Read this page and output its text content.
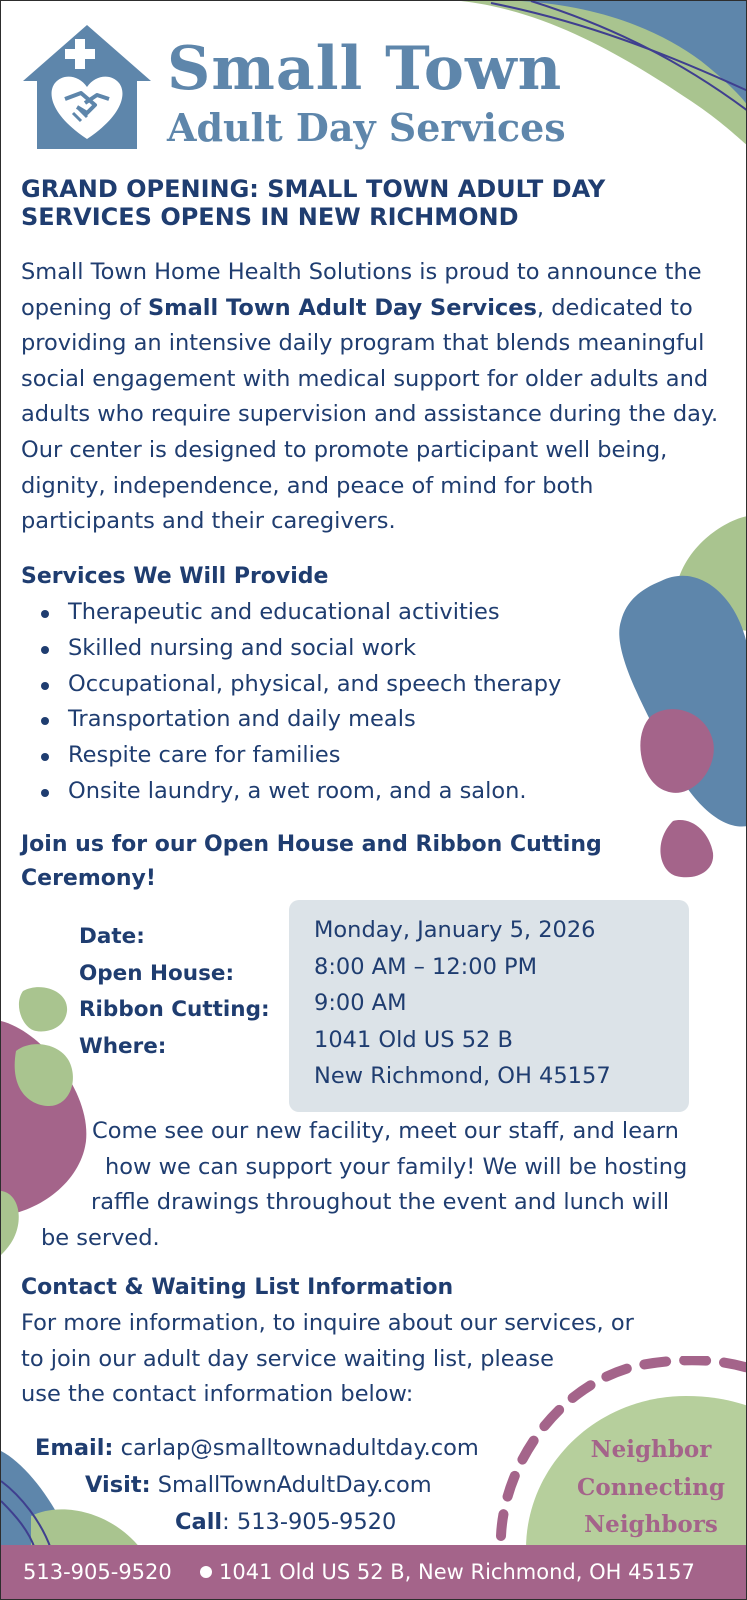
Small Town
Adult Day Services
GRAND OPENING: SMALL TOWN ADULT DAY SERVICES OPENS IN NEW RICHMOND
Small Town Home Health Solutions is proud to announce the opening of Small Town Adult Day Services, dedicated to providing an intensive daily program that blends meaningful social engagement with medical support for older adults and adults who require supervision and assistance during the day. Our center is designed to promote participant well being, dignity, independence, and peace of mind for both participants and their caregivers.
Services We Will Provide
Therapeutic and educational activities
Skilled nursing and social work
Occupational, physical, and speech therapy
Transportation and daily meals
Respite care for families
Onsite laundry, a wet room, and a salon.
Join us for our Open House and Ribbon Cutting
Ceremony!
Date:
Open House:
Ribbon Cutting:
Where:
Monday, January 5, 2026
8:00 AM – 12:00 PM
9:00 AM
1041 Old US 52 B
New Richmond, OH 45157
Come see our new facility, meet our staff, and learn
how we can support your family! We will be hosting
raffle drawings throughout the event and lunch will
be served.
Contact & Waiting List Information
For more information, to inquire about our services, or
to join our adult day service waiting list, please
use the contact information below:
Email: carlap@smalltownadultday.com
Visit: SmallTownAdultDay.com
Call: 513-905-9520
Neighbor
Connecting
Neighbors
513-905-9520 1041 Old US 52 B, New Richmond, OH 45157
